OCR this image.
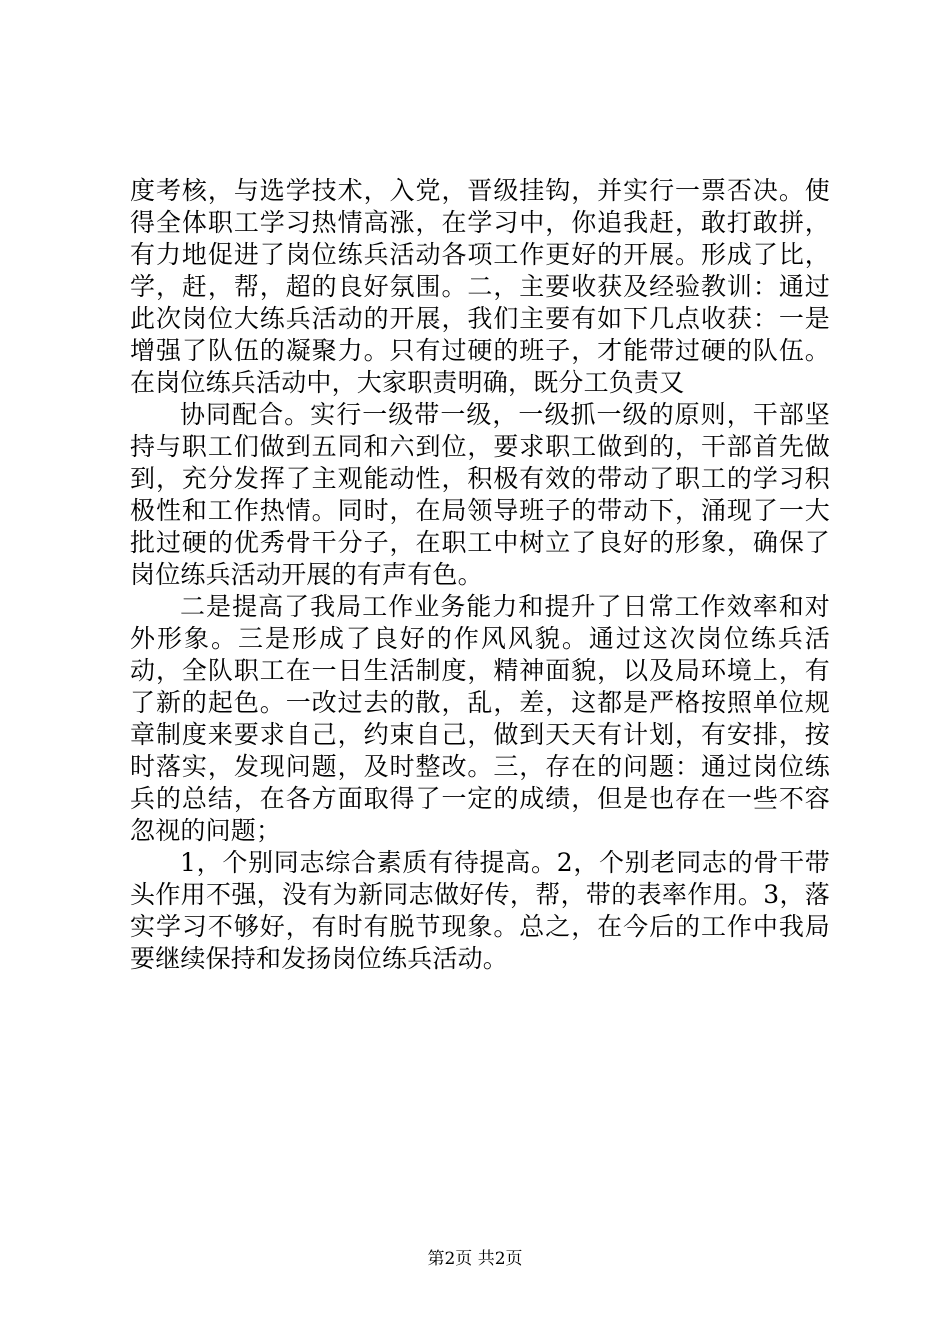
度考核，与选学技术，入党，晋级挂钩，并实行一票否决。使得全体职工学习热情高涨，在学习中，你追我赶，敢打敢拼，有力地促进了岗位练兵活动各项工作更好的开展。形成了比，学，赶，帮，超的良好氛围。二，主要收获及经验教训：通过此次岗位大练兵活动的开展，我们主要有如下几点收获：一是增强了队伍的凝聚力。只有过硬的班子，才能带过硬的队伍。在岗位练兵活动中，大家职责明确，既分工负责又

协同配合。实行一级带一级，一级抓一级的原则，干部坚持与职工们做到五同和六到位，要求职工做到的，干部首先做到，充分发挥了主观能动性，积极有效的带动了职工的学习积极性和工作热情。同时，在局领导班子的带动下，涌现了一大批过硬的优秀骨干分子，在职工中树立了良好的形象，确保了岗位练兵活动开展的有声有色。

二是提高了我局工作业务能力和提升了日常工作效率和对外形象。三是形成了良好的作风风貌。通过这次岗位练兵活动，全队职工在一日生活制度，精神面貌，以及局环境上，有了新的起色。一改过去的散，乱，差，这都是严格按照单位规章制度来要求自己，约束自己，做到天天有计划，有安排，按时落实，发现问题，及时整改。三，存在的问题：通过岗位练兵的总结，在各方面取得了一定的成绩，但是也存在一些不容忽视的问题；

1，个别同志综合素质有待提高。2，个别老同志的骨干带头作用不强，没有为新同志做好传，帮，带的表率作用。3，落实学习不够好，有时有脱节现象。总之，在今后的工作中我局要继续保持和发扬岗位练兵活动。

第2页 共2页
